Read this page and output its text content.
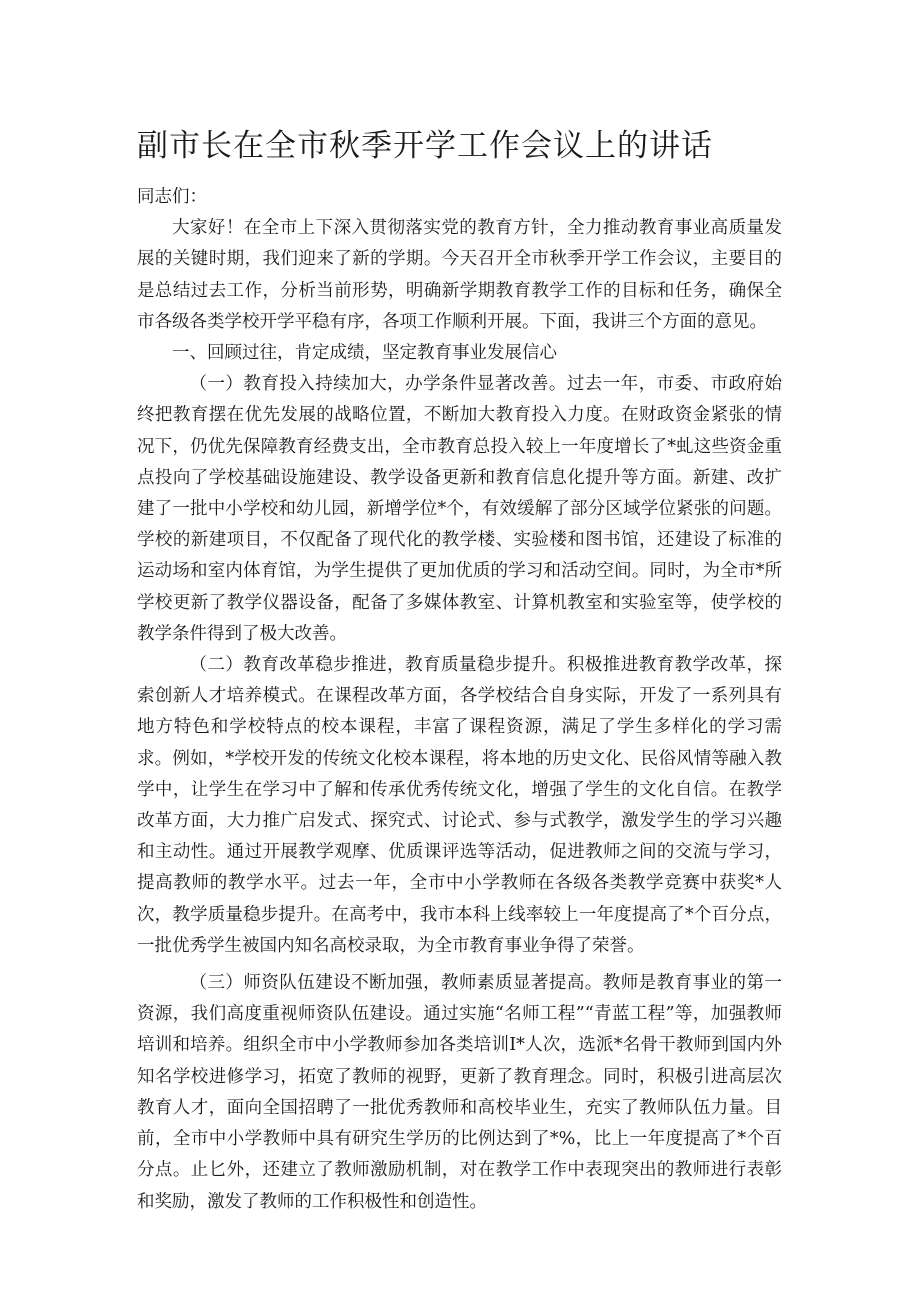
副市长在全市秋季开学工作会议上的讲话

同志们：

大家好！在全市上下深入贯彻落实党的教育方针，全力推动教育事业高质量发展的关键时期，我们迎来了新的学期。今天召开全市秋季开学工作会议，主要目的是总结过去工作，分析当前形势，明确新学期教育教学工作的目标和任务，确保全市各级各类学校开学平稳有序，各项工作顺利开展。下面，我讲三个方面的意见。

一、回顾过往，肯定成绩，坚定教育事业发展信心

（一）教育投入持续加大，办学条件显著改善。过去一年，市委、市政府始终把教育摆在优先发展的战略位置，不断加大教育投入力度。在财政资金紧张的情况下，仍优先保障教育经费支出，全市教育总投入较上一年度增长了*虬这些资金重点投向了学校基础设施建设、教学设备更新和教育信息化提升等方面。新建、改扩建了一批中小学校和幼儿园，新增学位*个，有效缓解了部分区域学位紧张的问题。学校的新建项目，不仅配备了现代化的教学楼、实验楼和图书馆，还建设了标准的运动场和室内体育馆，为学生提供了更加优质的学习和活动空间。同时，为全市*所学校更新了教学仪器设备，配备了多媒体教室、计算机教室和实验室等，使学校的教学条件得到了极大改善。

（二）教育改革稳步推进，教育质量稳步提升。积极推进教育教学改革，探索创新人才培养模式。在课程改革方面，各学校结合自身实际，开发了一系列具有地方特色和学校特点的校本课程，丰富了课程资源，满足了学生多样化的学习需求。例如，*学校开发的传统文化校本课程，将本地的历史文化、民俗风情等融入教学中，让学生在学习中了解和传承优秀传统文化，增强了学生的文化自信。在教学改革方面，大力推广启发式、探究式、讨论式、参与式教学，激发学生的学习兴趣和主动性。通过开展教学观摩、优质课评选等活动，促进教师之间的交流与学习，提高教师的教学水平。过去一年，全市中小学教师在各级各类教学竞赛中获奖*人次，教学质量稳步提升。在高考中，我市本科上线率较上一年度提高了*个百分点，一批优秀学生被国内知名高校录取，为全市教育事业争得了荣誉。

（三）师资队伍建设不断加强，教师素质显著提高。教师是教育事业的第一资源，我们高度重视师资队伍建设。通过实施“名师工程”“青蓝工程”等，加强教师培训和培养。组织全市中小学教师参加各类培训I*人次，选派*名骨干教师到国内外知名学校进修学习，拓宽了教师的视野，更新了教育理念。同时，积极引进高层次教育人才，面向全国招聘了一批优秀教师和高校毕业生，充实了教师队伍力量。目前，全市中小学教师中具有研究生学历的比例达到了*%，比上一年度提高了*个百分点。止匕外，还建立了教师激励机制，对在教学工作中表现突出的教师进行表彰和奖励，激发了教师的工作积极性和创造性。
